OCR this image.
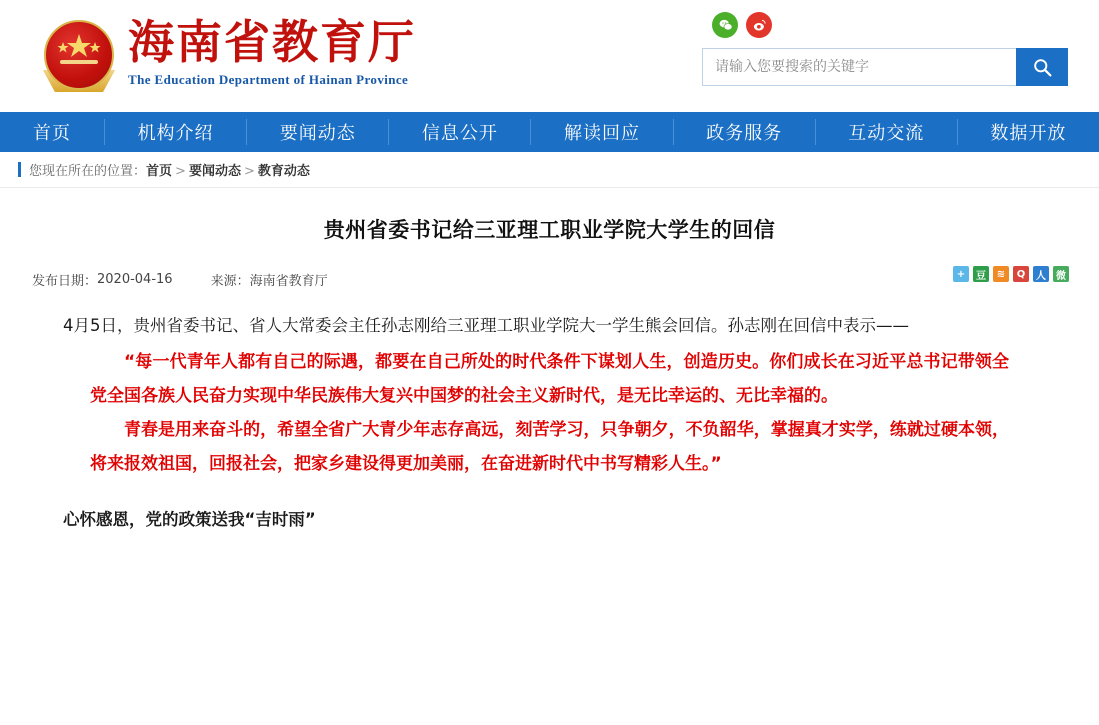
海南省教育厅
The Education Department of Hainan Province
请输入您要搜索的关键字
首页	机构介绍	要闻动态	信息公开	解读回应	政务服务	互动交流	数据开放
您现在所在的位置：首页 > 要闻动态 > 教育动态
贵州省委书记给三亚理工职业学院大学生的回信
发布日期： 2020-04-16	来源： 海南省教育厅	+	豆	≋	Q	人	微
4月5日，贵州省委书记、省人大常委会主任孙志刚给三亚理工职业学院大一学生熊会回信。孙志刚在回信中表示——
“每一代青年人都有自己的际遇，都要在自己所处的时代条件下谋划人生，创造历史。你们成长在习近平总书记带领全党全国各族人民奋力实现中华民族伟大复兴中国梦的社会主义新时代，是无比幸运的、无比幸福的。
青春是用来奋斗的，希望全省广大青少年志存高远，刻苦学习，只争朝夕，不负韶华，掌握真才实学，练就过硬本领，将来报效祖国，回报社会，把家乡建设得更加美丽，在奋进新时代中书写精彩人生。”
心怀感恩，党的政策送我“吉时雨”
